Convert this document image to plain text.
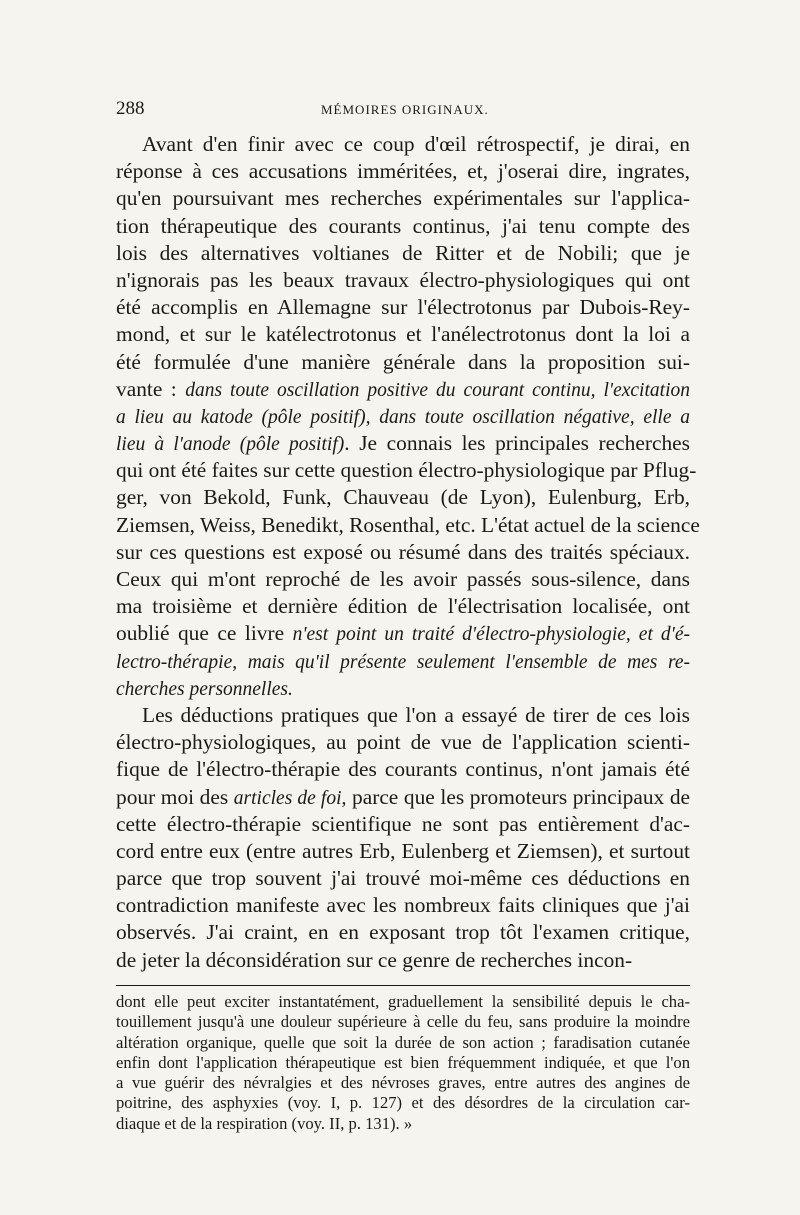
288	MÉMOIRES ORIGINAUX.
Avant d'en finir avec ce coup d'œil rétrospectif, je dirai, en
réponse à ces accusations imméritées, et, j'oserai dire, ingrates,
qu'en poursuivant mes recherches expérimentales sur l'applica-
tion thérapeutique des courants continus, j'ai tenu compte des
lois des alternatives voltianes de Ritter et de Nobili; que je
n'ignorais pas les beaux travaux électro-physiologiques qui ont
été accomplis en Allemagne sur l'électrotonus par Dubois-Rey-
mond, et sur le katélectrotonus et l'anélectrotonus dont la loi a
été formulée d'une manière générale dans la proposition sui-
vante : dans toute oscillation positive du courant continu, l'excitation
a lieu au katode (pôle positif), dans toute oscillation négative, elle a
lieu à l'anode (pôle positif). Je connais les principales recherches
qui ont été faites sur cette question électro-physiologique par Pflug-
ger, von Bekold, Funk, Chauveau (de Lyon), Eulenburg, Erb,
Ziemsen, Weiss, Benedikt, Rosenthal, etc. L'état actuel de la science
sur ces questions est exposé ou résumé dans des traités spéciaux.
Ceux qui m'ont reproché de les avoir passés sous-silence, dans
ma troisième et dernière édition de l'électrisation localisée, ont
oublié que ce livre n'est point un traité d'électro-physiologie, et d'é-
lectro-thérapie, mais qu'il présente seulement l'ensemble de mes re-
cherches personnelles.
Les déductions pratiques que l'on a essayé de tirer de ces lois
électro-physiologiques, au point de vue de l'application scienti-
fique de l'électro-thérapie des courants continus, n'ont jamais été
pour moi des articles de foi, parce que les promoteurs principaux de
cette électro-thérapie scientifique ne sont pas entièrement d'ac-
cord entre eux (entre autres Erb, Eulenberg et Ziemsen), et surtout
parce que trop souvent j'ai trouvé moi-même ces déductions en
contradiction manifeste avec les nombreux faits cliniques que j'ai
observés. J'ai craint, en en exposant trop tôt l'examen critique,
de jeter la déconsidération sur ce genre de recherches incon-
dont elle peut exciter instantatément, graduellement la sensibilité depuis le cha-
touillement jusqu'à une douleur supérieure à celle du feu, sans produire la moindre
altération organique, quelle que soit la durée de son action ; faradisation cutanée
enfin dont l'application thérapeutique est bien fréquemment indiquée, et que l'on
a vue guérir des névralgies et des névroses graves, entre autres des angines de
poitrine, des asphyxies (voy. I, p. 127) et des désordres de la circulation car-
diaque et de la respiration (voy. II, p. 131). »
